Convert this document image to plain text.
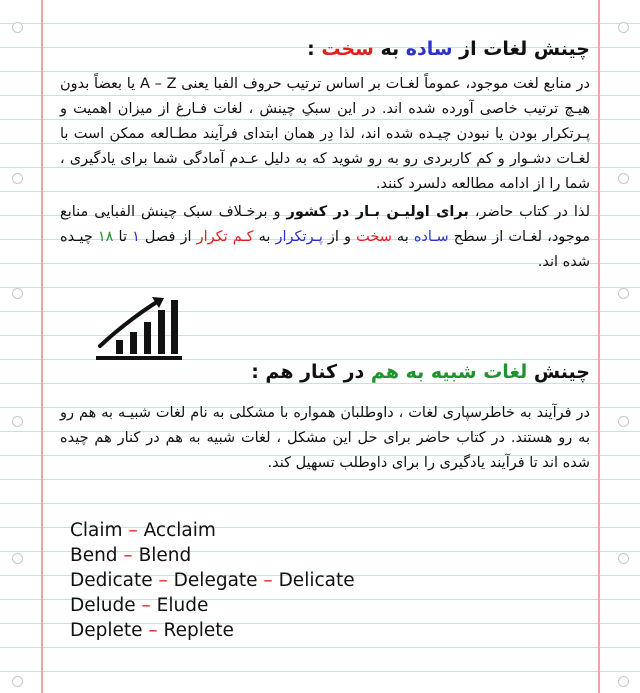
چینش لغات از ساده به سخت :

در منابع لغت موجود، عموماً لغـات بر اساس ترتیب حروف الفبا یعنی A – Z یا بعضاً بدون هیـچ ترتیب خاصی آورده شده اند. در این سبکِ چینش ، لغات فـارغ از میزان اهمیت و پـرتکرار بودن یا نبودن چیـده شده اند، لذا دِر همان ابتدای فرآیند مطـالعه ممکن است با لغـات دشـوار و کم کاربردی رو به رو شوید که به دلیل عـدم آمادگی شما برای یادگیری ، شما را از ادامه مطالعه دلسرد کنند.

لذا در کتاب حاضر، برای اولیـن بـار در کشور و برخـلاف سبک چینش الفبایی منابع موجود، لغـات از سطح سـاده به سخت و از پـرتکرار به کـم تکرار از فصل ۱ تا ۱۸ چیـده شده اند.

چینش لغات شبیه به هم در کنار هم :

در فرآیند به خاطرسپاری لغات ، داوطلبان همواره با مشکلی به نام لغات شبیـه به هم رو به رو هستند. در کتاب حاضر برای حل این مشکل ، لغات شبیه به هم در کنار هم چیده شده اند تا فرآیند یادگیری را برای داوطلب تسهیل کند.

Claim – Acclaim
Bend – Blend
Dedicate – Delegate – Delicate
Delude – Elude
Deplete – Replete
